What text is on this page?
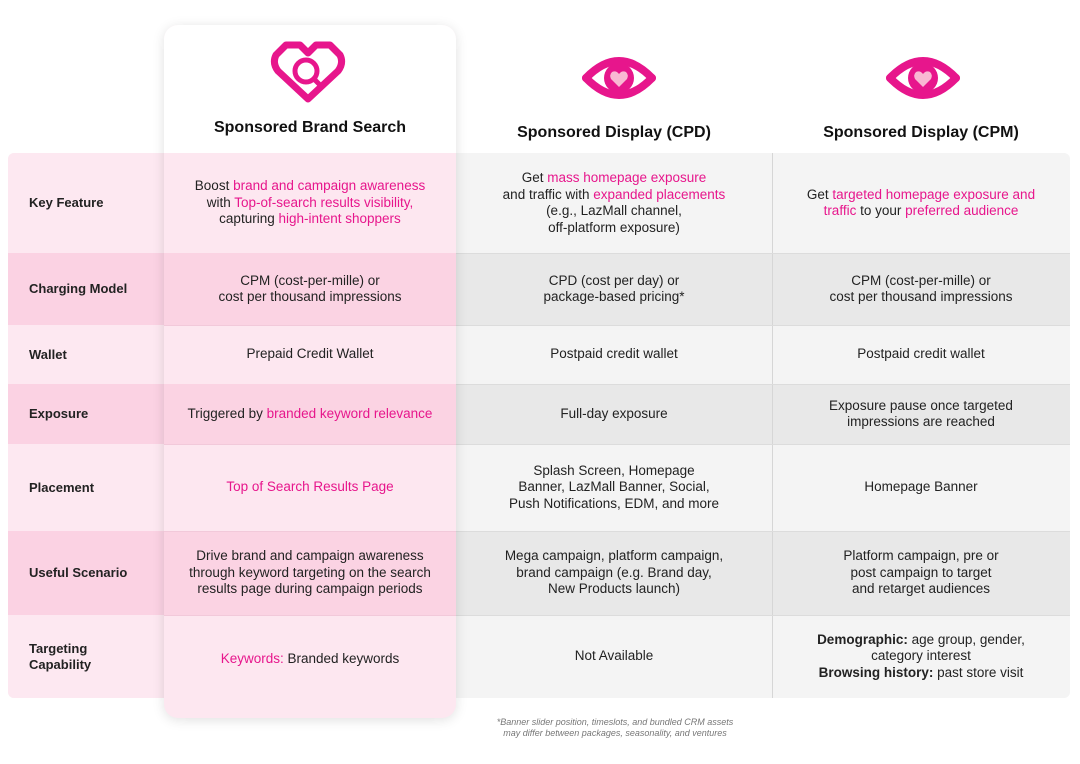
Key Feature
Charging Model
Wallet
Exposure
Placement
Useful Scenario
Targeting Capability
Sponsored Display (CPD)	Sponsored Display (CPM)
Sponsored Brand Search
Boost brand and campaign awareness
with Top-of-search results visibility,
capturing high-intent shoppers
CPM (cost-per-mille) or
cost per thousand impressions
Prepaid Credit Wallet
Triggered by branded keyword relevance
Top of Search Results Page
Drive brand and campaign awareness
through keyword targeting on the search
results page during campaign periods
Keywords: Branded keywords
Get mass homepage exposure
and traffic with expanded placements
(e.g., LazMall channel, off-platform exposure)
CPD (cost per day) or
package-based pricing*
Postpaid credit wallet
Full-day exposure
Splash Screen, Homepage
Banner, LazMall Banner, Social,
Push Notifications, EDM, and more
Mega campaign, platform campaign,
brand campaign (e.g. Brand day,
New Products launch)
Not Available
Get targeted homepage exposure and traffic to your preferred audience
CPM (cost-per-mille) or
cost per thousand impressions
Postpaid credit wallet
Exposure pause once targeted
impressions are reached
Homepage Banner
Platform campaign, pre or
post campaign to target
and retarget audiences
Demographic: age group, gender,
category interest
Browsing history: past store visit
*Banner slider position, timeslots, and bundled CRM assets
may differ between packages, seasonality, and ventures
